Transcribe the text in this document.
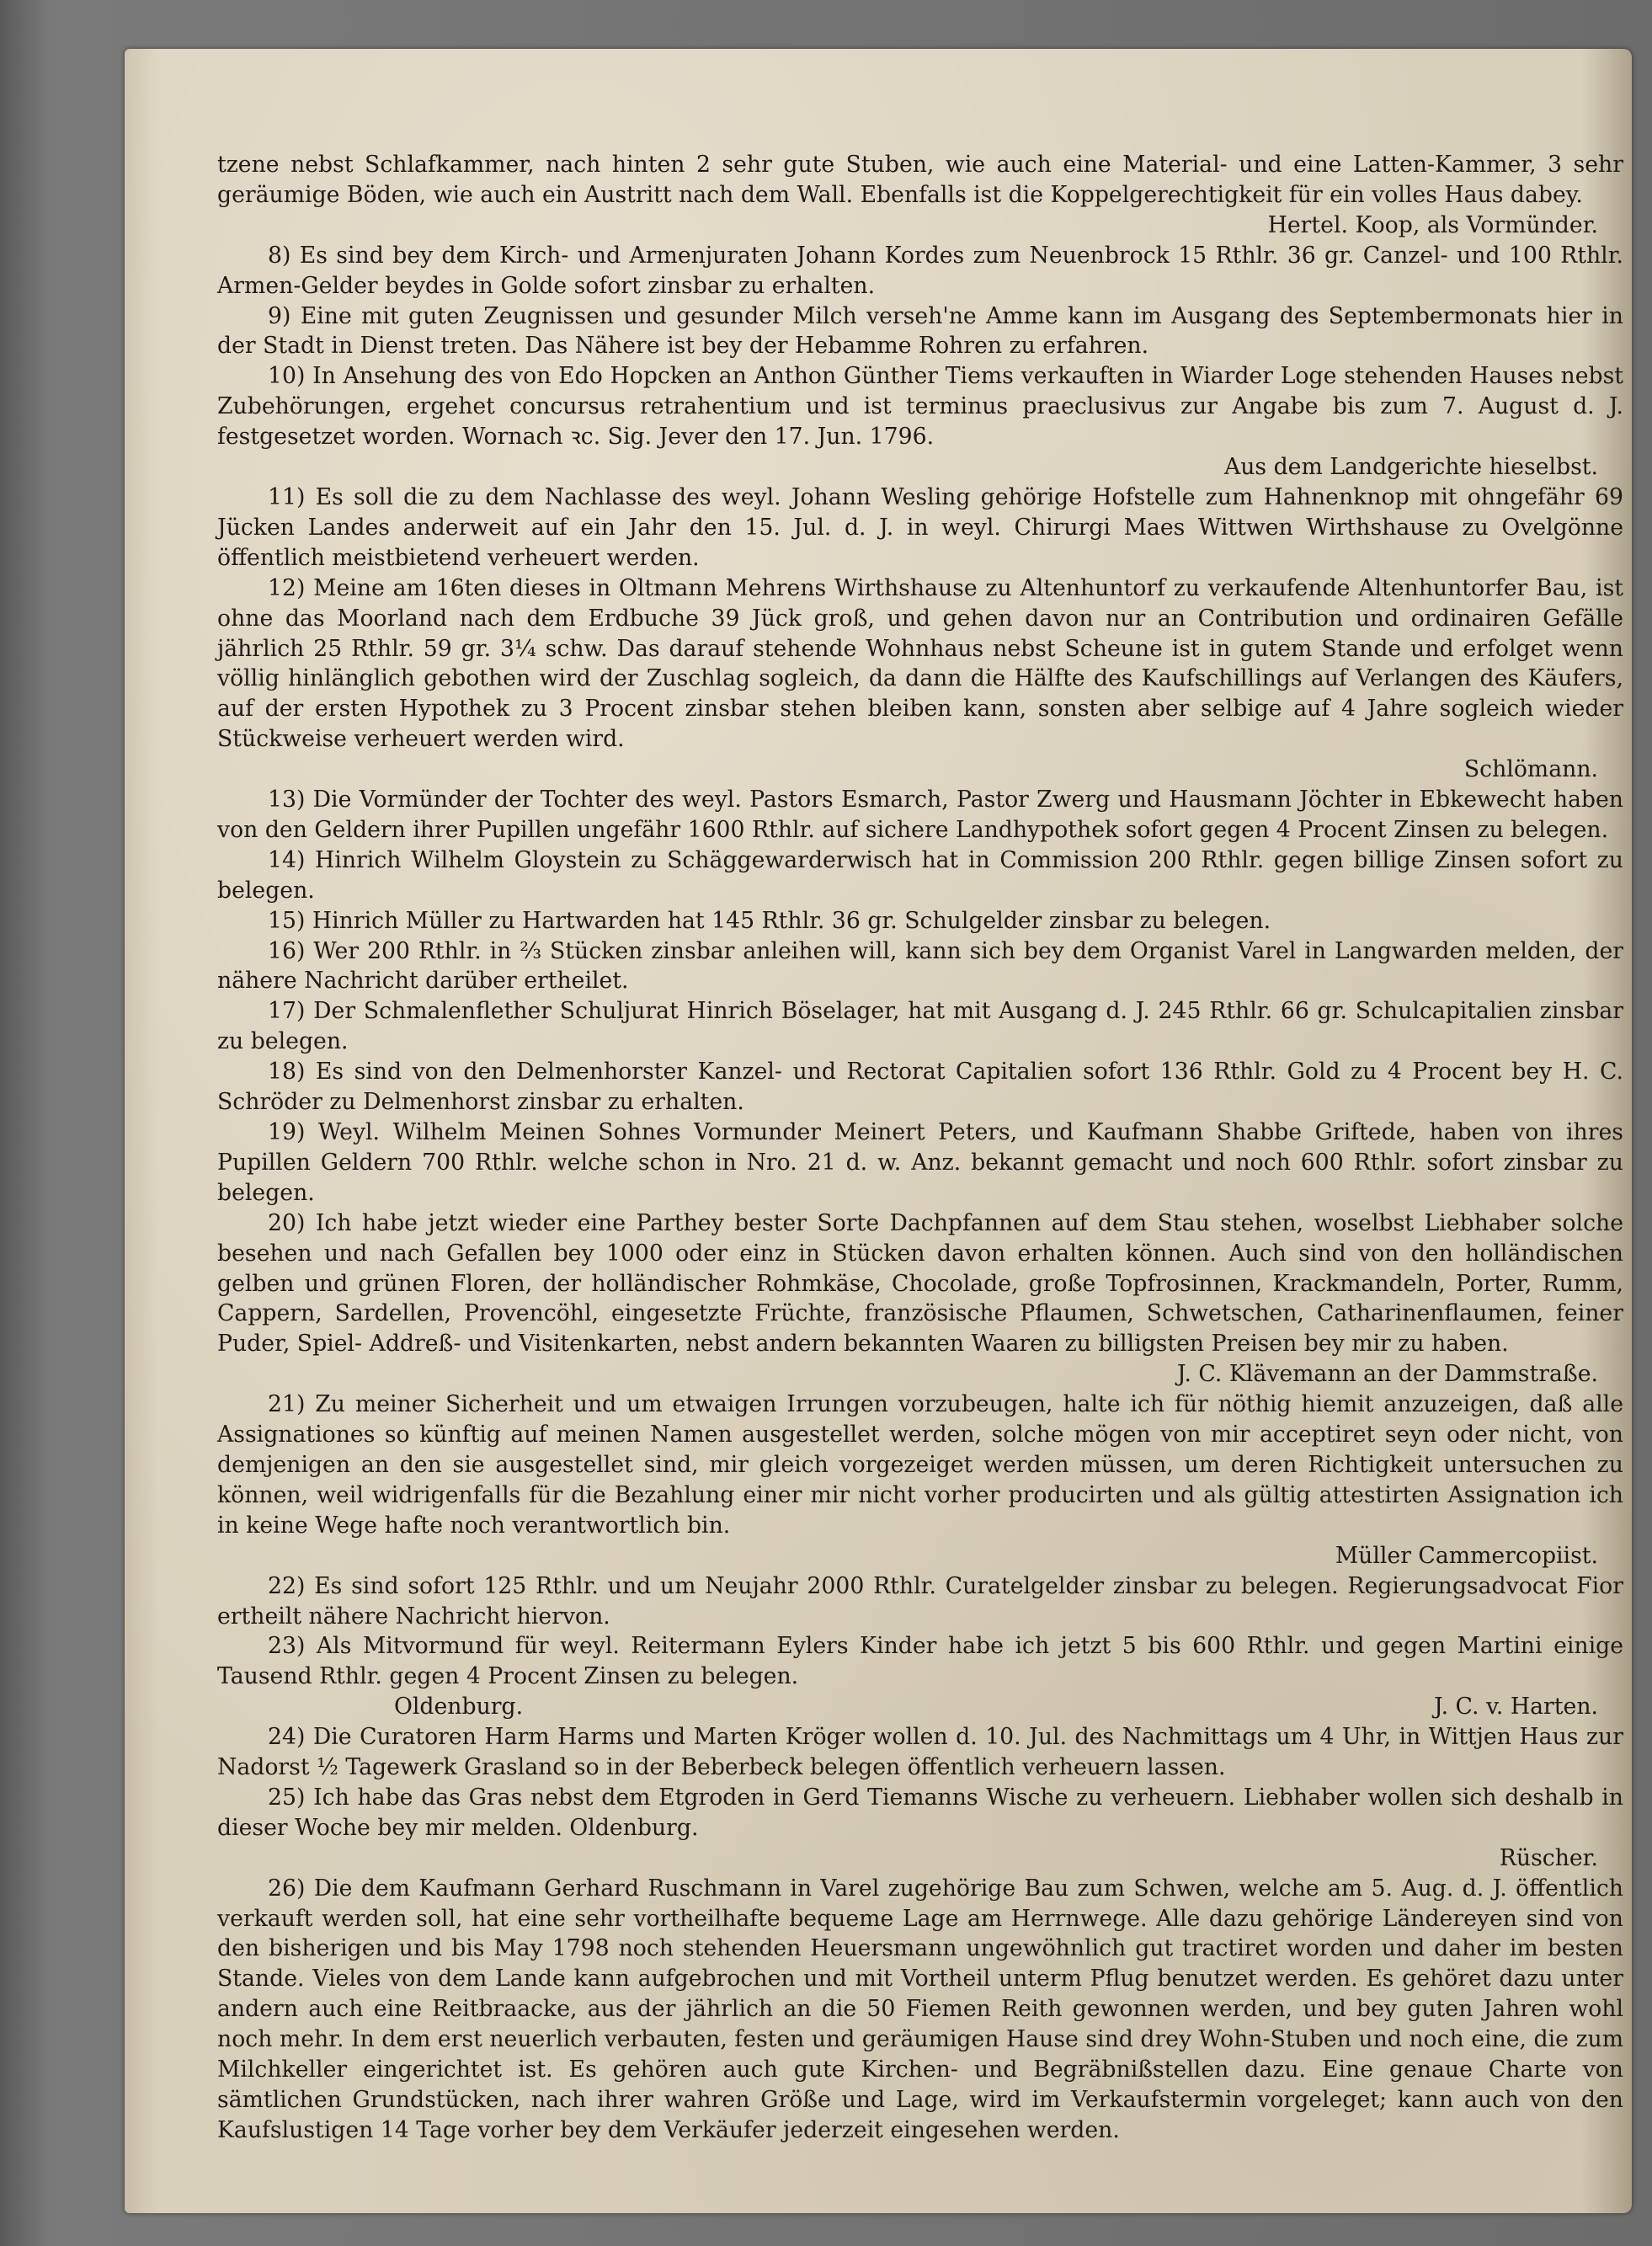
tzene nebst Schlafkammer, nach hinten 2 sehr gute Stuben, wie auch eine Material- und eine Latten-Kammer, 3 sehr geräumige Böden, wie auch ein Austritt nach dem Wall. Ebenfalls ist die Koppelgerechtigkeit für ein volles Haus dabey.

Hertel. Koop, als Vormünder.

8) Es sind bey dem Kirch- und Armenjuraten Johann Kordes zum Neuenbrock 15 Rthlr. 36 gr. Canzel- und 100 Rthlr. Armen-Gelder beydes in Golde sofort zinsbar zu erhalten.

9) Eine mit guten Zeugnissen und gesunder Milch verseh'ne Amme kann im Ausgang des Septembermonats hier in der Stadt in Dienst treten. Das Nähere ist bey der Hebamme Rohren zu erfahren.

10) In Ansehung des von Edo Hopcken an Anthon Günther Tiems verkauften in Wiarder Loge stehenden Hauses nebst Zubehörungen, ergehet concursus retrahentium und ist terminus praeclusivus zur Angabe bis zum 7. August d. J. festgesetzet worden. Wornach ꝛc. Sig. Jever den 17. Jun. 1796.

Aus dem Landgerichte hieselbst.

11) Es soll die zu dem Nachlasse des weyl. Johann Wesling gehörige Hofstelle zum Hahnenknop mit ohngefähr 69 Jücken Landes anderweit auf ein Jahr den 15. Jul. d. J. in weyl. Chirurgi Maes Wittwen Wirthshause zu Ovelgönne öffentlich meistbietend verheuert werden.

12) Meine am 16ten dieses in Oltmann Mehrens Wirthshause zu Altenhuntorf zu verkaufende Altenhuntorfer Bau, ist ohne das Moorland nach dem Erdbuche 39 Jück groß, und gehen davon nur an Contribution und ordinairen Gefälle jährlich 25 Rthlr. 59 gr. 3¼ schw. Das darauf stehende Wohnhaus nebst Scheune ist in gutem Stande und erfolget wenn völlig hinlänglich gebothen wird der Zuschlag sogleich, da dann die Hälfte des Kaufschillings auf Verlangen des Käufers, auf der ersten Hypothek zu 3 Procent zinsbar stehen bleiben kann, sonsten aber selbige auf 4 Jahre sogleich wieder Stückweise verheuert werden wird.

Schlömann.

13) Die Vormünder der Tochter des weyl. Pastors Esmarch, Pastor Zwerg und Hausmann Jöchter in Ebkewecht haben von den Geldern ihrer Pupillen ungefähr 1600 Rthlr. auf sichere Landhypothek sofort gegen 4 Procent Zinsen zu belegen.

14) Hinrich Wilhelm Gloystein zu Schäggewarderwisch hat in Commission 200 Rthlr. gegen billige Zinsen sofort zu belegen.

15) Hinrich Müller zu Hartwarden hat 145 Rthlr. 36 gr. Schulgelder zinsbar zu belegen.

16) Wer 200 Rthlr. in ⅔ Stücken zinsbar anleihen will, kann sich bey dem Organist Varel in Langwarden melden, der nähere Nachricht darüber ertheilet.

17) Der Schmalenflether Schuljurat Hinrich Böselager, hat mit Ausgang d. J. 245 Rthlr. 66 gr. Schulcapitalien zinsbar zu belegen.

18) Es sind von den Delmenhorster Kanzel- und Rectorat Capitalien sofort 136 Rthlr. Gold zu 4 Procent bey H. C. Schröder zu Delmenhorst zinsbar zu erhalten.

19) Weyl. Wilhelm Meinen Sohnes Vormunder Meinert Peters, und Kaufmann Shabbe Griftede, haben von ihres Pupillen Geldern 700 Rthlr. welche schon in Nro. 21 d. w. Anz. bekannt gemacht und noch 600 Rthlr. sofort zinsbar zu belegen.

20) Ich habe jetzt wieder eine Parthey bester Sorte Dachpfannen auf dem Stau stehen, woselbst Liebhaber solche besehen und nach Gefallen bey 1000 oder einz in Stücken davon erhalten können. Auch sind von den holländischen gelben und grünen Floren, der holländischer Rohmkäse, Chocolade, große Topfrosinnen, Krackmandeln, Porter, Rumm, Cappern, Sardellen, Provencöhl, eingesetzte Früchte, französische Pflaumen, Schwetschen, Catharinenflaumen, feiner Puder, Spiel- Addreß- und Visitenkarten, nebst andern bekannten Waaren zu billigsten Preisen bey mir zu haben.

J. C. Klävemann an der Dammstraße.

21) Zu meiner Sicherheit und um etwaigen Irrungen vorzubeugen, halte ich für nöthig hiemit anzuzeigen, daß alle Assignationes so künftig auf meinen Namen ausgestellet werden, solche mögen von mir acceptiret seyn oder nicht, von demjenigen an den sie ausgestellet sind, mir gleich vorgezeiget werden müssen, um deren Richtigkeit untersuchen zu können, weil widrigenfalls für die Bezahlung einer mir nicht vorher producirten und als gültig attestirten Assignation ich in keine Wege hafte noch verantwortlich bin.

Müller Cammercopiist.

22) Es sind sofort 125 Rthlr. und um Neujahr 2000 Rthlr. Curatelgelder zinsbar zu belegen. Regierungsadvocat Fior ertheilt nähere Nachricht hiervon.

23) Als Mitvormund für weyl. Reitermann Eylers Kinder habe ich jetzt 5 bis 600 Rthlr. und gegen Martini einige Tausend Rthlr. gegen 4 Procent Zinsen zu belegen.

Oldenburg.	J. C. v. Harten.

24) Die Curatoren Harm Harms und Marten Kröger wollen d. 10. Jul. des Nachmittags um 4 Uhr, in Wittjen Haus zur Nadorst ½ Tagewerk Grasland so in der Beberbeck belegen öffentlich verheuern lassen.

25) Ich habe das Gras nebst dem Etgroden in Gerd Tiemanns Wische zu verheuern. Liebhaber wollen sich deshalb in dieser Woche bey mir melden. Oldenburg.

Rüscher.

26) Die dem Kaufmann Gerhard Ruschmann in Varel zugehörige Bau zum Schwen, welche am 5. Aug. d. J. öffentlich verkauft werden soll, hat eine sehr vortheilhafte bequeme Lage am Herrnwege. Alle dazu gehörige Ländereyen sind von den bisherigen und bis May 1798 noch stehenden Heuersmann ungewöhnlich gut tractiret worden und daher im besten Stande. Vieles von dem Lande kann aufgebrochen und mit Vortheil unterm Pflug benutzet werden. Es gehöret dazu unter andern auch eine Reitbraacke, aus der jährlich an die 50 Fiemen Reith gewonnen werden, und bey guten Jahren wohl noch mehr. In dem erst neuerlich verbauten, festen und geräumigen Hause sind drey Wohn-Stuben und noch eine, die zum Milchkeller eingerichtet ist. Es gehören auch gute Kirchen- und Begräbnißstellen dazu. Eine genaue Charte von sämtlichen Grundstücken, nach ihrer wahren Größe und Lage, wird im Verkaufstermin vorgeleget; kann auch von den Kaufslustigen 14 Tage vorher bey dem Verkäufer jederzeit eingesehen werden.
